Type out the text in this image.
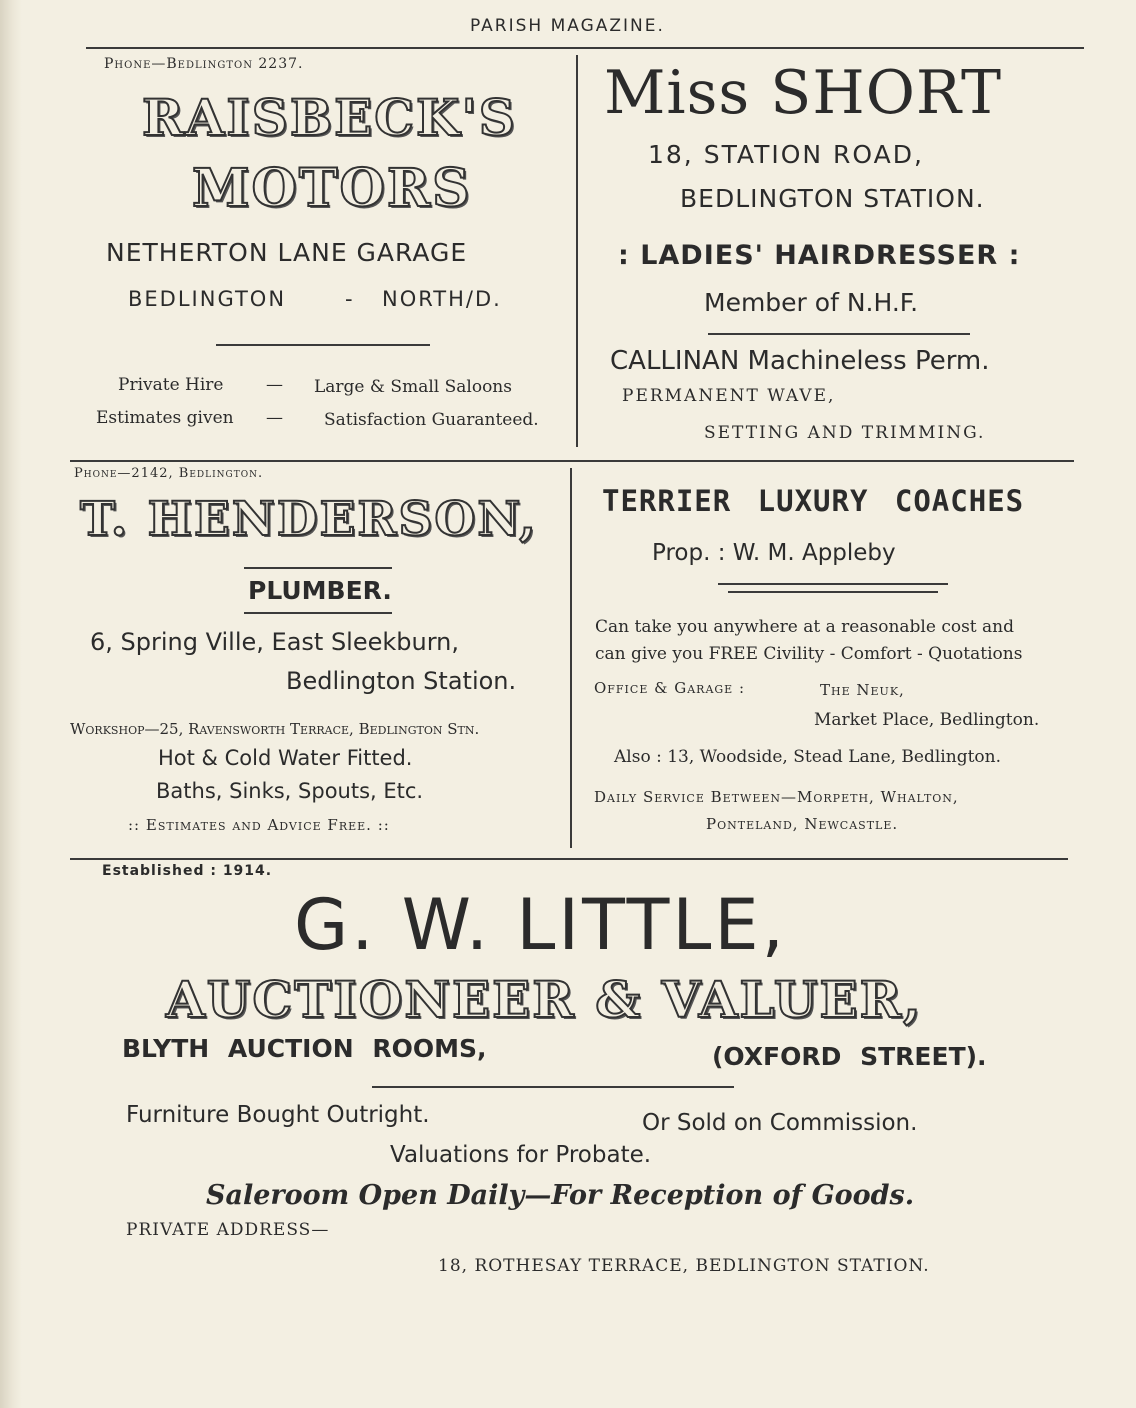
PARISH MAGAZINE.
Phone—Bedlington 2237.
RAISBECK'S
MOTORS
NETHERTON LANE GARAGE
BEDLINGTON	- NORTH/D.
Private Hire	— Large & Small Saloons
Estimates given — Satisfaction Guaranteed.
Miss SHORT
18, STATION ROAD,
BEDLINGTON STATION.
: LADIES' HAIRDRESSER :
Member of N.H.F.
CALLINAN Machineless Perm.
PERMANENT WAVE,
SETTING AND TRIMMING.
Phone—2142, Bedlington.
T. HENDERSON,
PLUMBER.
6, Spring Ville, East Sleekburn,
Bedlington Station.
Workshop—25, Ravensworth Terrace, Bedlington Stn.
Hot & Cold Water Fitted.
Baths, Sinks, Spouts, Etc.
:: Estimates and Advice Free. ::
TERRIER LUXURY COACHES
Prop. : W. M. Appleby
Can take you anywhere at a reasonable cost and
can give you FREE Civility - Comfort - Quotations
Office & Garage :	The Neuk,
Market Place, Bedlington.
Also : 13, Woodside, Stead Lane, Bedlington.
Daily Service Between—Morpeth, Whalton,
Ponteland, Newcastle.
Established : 1914.
G. W. LITTLE,
AUCTIONEER & VALUER,
BLYTH AUCTION ROOMS,	(OXFORD STREET).
Furniture Bought Outright.	Or Sold on Commission.
Valuations for Probate.
Saleroom Open Daily—For Reception of Goods.
PRIVATE ADDRESS—
18, ROTHESAY TERRACE, BEDLINGTON STATION.
